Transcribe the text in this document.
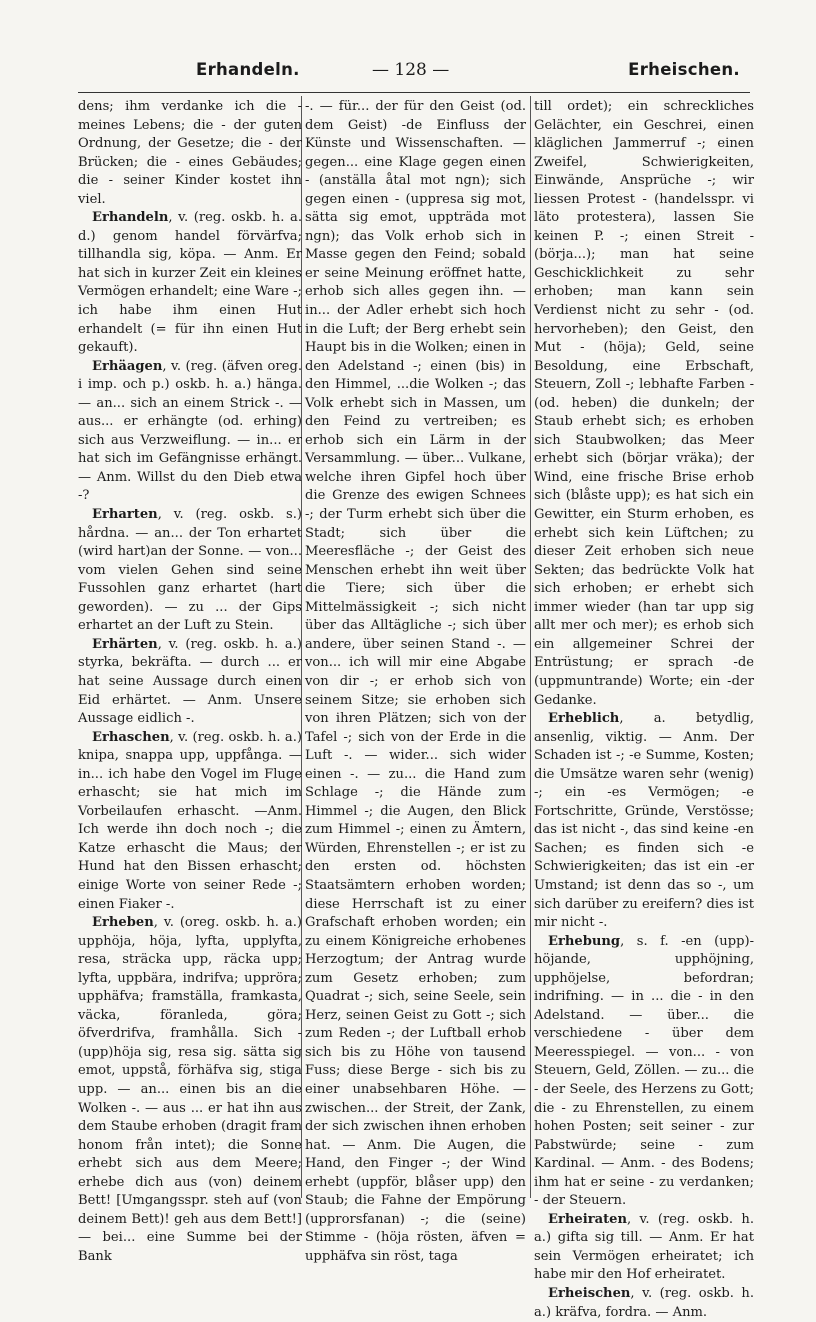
Erhandeln.	— 128 —	Erheischen.

dens; ihm verdanke ich die - meines Lebens; die - der guten Ordnung, der Gesetze; die - der Brücken; die - eines Gebäudes; die - seiner Kinder kostet ihn viel.

Erhandeln, v. (reg. oskb. h. a. d.) genom handel förvärfva; tillhandla sig, köpa. — Anm. Er hat sich in kurzer Zeit ein kleines Vermögen erhandelt; eine Ware -; ich habe ihm einen Hut erhandelt (= für ihn einen Hut gekauft).

Erhäagen, v. (reg. (äfven oreg. i imp. och p.) oskb. h. a.) hänga. — an... sich an einem Strick -. — aus... er erhängte (od. erhing) sich aus Verzweiflung. — in... er hat sich im Gefängnisse erhängt. — Anm. Willst du den Dieb etwa -?

Erharten, v. (reg. oskb. s.) hårdna. — an... der Ton erhartet (wird hart)an der Sonne. — von... vom vielen Gehen sind seine Fussohlen ganz erhartet (hart geworden). — zu ... der Gips erhartet an der Luft zu Stein.

Erhärten, v. (reg. oskb. h. a.) styrka, bekräfta. — durch ... er hat seine Aussage durch einen Eid erhärtet. — Anm. Unsere Aussage eidlich -.

Erhaschen, v. (reg. oskb. h. a.) knipa, snappa upp, uppfånga. — in... ich habe den Vogel im Fluge erhascht; sie hat mich im Vorbeilaufen erhascht. —Anm. Ich werde ihn doch noch -; die Katze erhascht die Maus; der Hund hat den Bissen erhascht; einige Worte von seiner Rede -; einen Fiaker -.

Erheben, v. (oreg. oskb. h. a.) upphöja, höja, lyfta, upplyfta, resa, sträcka upp, räcka upp; lyfta, uppbära, indrifva; uppröra; upphäfva; framställa, framkasta, väcka, föranleda, göra; öfverdrifva, framhålla. Sich - (upp)höja sig, resa sig. sätta sig emot, uppstå, förhäfva sig, stiga upp. — an... einen bis an die Wolken -. — aus ... er hat ihn aus dem Staube erhoben (dragit fram honom från intet); die Sonne erhebt sich aus dem Meere; erhebe dich aus (von) deinem Bett! [Umgangsspr. steh auf (von deinem Bett)! geh aus dem Bett!] — bei... eine Summe bei der Bank

-. — für... der für den Geist (od. dem Geist) -de Einfluss der Künste und Wissenschaften. — gegen... eine Klage gegen einen - (anställa åtal mot ngn); sich gegen einen - (uppresa sig mot, sätta sig emot, uppträda mot ngn); das Volk erhob sich in Masse gegen den Feind; sobald er seine Meinung eröffnet hatte, erhob sich alles gegen ihn. — in... der Adler erhebt sich hoch in die Luft; der Berg erhebt sein Haupt bis in die Wolken; einen in den Adelstand -; einen (bis) in den Himmel, ...die Wolken -; das Volk erhebt sich in Massen, um den Feind zu vertreiben; es erhob sich ein Lärm in der Versammlung. — über... Vulkane, welche ihren Gipfel hoch über die Grenze des ewigen Schnees -; der Turm erhebt sich über die Stadt; sich über die Meeresfläche -; der Geist des Menschen erhebt ihn weit über die Tiere; sich über die Mittelmässigkeit -; sich nicht über das Alltägliche -; sich über andere, über seinen Stand -. — von... ich will mir eine Abgabe von dir -; er erhob sich von seinem Sitze; sie erhoben sich von ihren Plätzen; sich von der Tafel -; sich von der Erde in die Luft -. — wider... sich wider einen -. — zu... die Hand zum Schlage -; die Hände zum Himmel -; die Augen, den Blick zum Himmel -; einen zu Ämtern, Würden, Ehrenstellen -; er ist zu den ersten od. höchsten Staatsämtern erhoben worden; diese Herrschaft ist zu einer Grafschaft erhoben worden; ein zu einem Königreiche erhobenes Herzogtum; der Antrag wurde zum Gesetz erhoben; zum Quadrat -; sich, seine Seele, sein Herz, seinen Geist zu Gott -; sich zum Reden -; der Luftball erhob sich bis zu Höhe von tausend Fuss; diese Berge - sich bis zu einer unabsehbaren Höhe. — zwischen... der Streit, der Zank, der sich zwischen ihnen erhoben hat. — Anm. Die Augen, die Hand, den Finger -; der Wind erhebt (uppför, blåser upp) den Staub; die Fahne der Empörung (upprorsfanan) -; die (seine) Stimme - (höja rösten, äfven = upphäfva sin röst, taga

till ordet); ein schreckliches Gelächter, ein Geschrei, einen kläglichen Jammerruf -; einen Zweifel, Schwierigkeiten, Einwände, Ansprüche -; wir liessen Protest - (handelsspr. vi läto protestera), lassen Sie keinen P. -; einen Streit - (börja...); man hat seine Geschicklichkeit zu sehr erhoben; man kann sein Verdienst nicht zu sehr - (od. hervorheben); den Geist, den Mut - (höja); Geld, seine Besoldung, eine Erbschaft, Steuern, Zoll -; lebhafte Farben - (od. heben) die dunkeln; der Staub erhebt sich; es erhoben sich Staubwolken; das Meer erhebt sich (börjar vräka); der Wind, eine frische Brise erhob sich (blåste upp); es hat sich ein Gewitter, ein Sturm erhoben, es erhebt sich kein Lüftchen; zu dieser Zeit erhoben sich neue Sekten; das bedrückte Volk hat sich erhoben; er erhebt sich immer wieder (han tar upp sig allt mer och mer); es erhob sich ein allgemeiner Schrei der Entrüstung; er sprach -de (uppmuntrande) Worte; ein -der Gedanke.

Erheblich, a. betydlig, ansenlig, viktig. — Anm. Der Schaden ist -; -e Summe, Kosten; die Umsätze waren sehr (wenig) -; ein -es Vermögen; -e Fortschritte, Gründe, Verstösse; das ist nicht -, das sind keine -en Sachen; es finden sich -e Schwierigkeiten; das ist ein -er Umstand; ist denn das so -, um sich darüber zu ereifern? dies ist mir nicht -.

Erhebung, s. f. -en (upp)-höjande, upphöjning, upphöjelse, befordran; indrifning. — in ... die - in den Adelstand. — über... die verschiedene - über dem Meeresspiegel. — von... - von Steuern, Geld, Zöllen. — zu... die - der Seele, des Herzens zu Gott; die - zu Ehrenstellen, zu einem hohen Posten; seit seiner - zur Pabstwürde; seine - zum Kardinal. — Anm. - des Bodens; ihm hat er seine - zu verdanken; - der Steuern.

Erheiraten, v. (reg. oskb. h. a.) gifta sig till. — Anm. Er hat sein Vermögen erheiratet; ich habe mir den Hof erheiratet.

Erheischen, v. (reg. oskb. h. a.) kräfva, fordra. — Anm.
